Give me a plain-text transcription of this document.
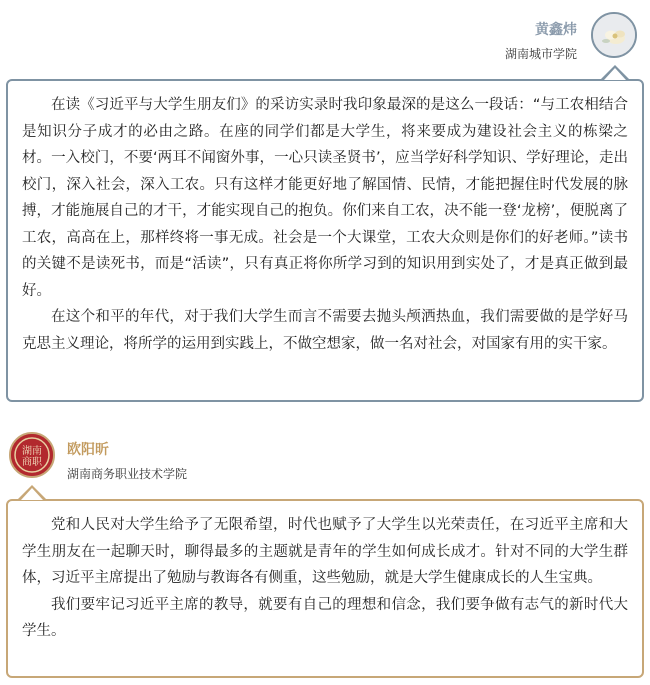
黄鑫炜
湖南城市学院

在读《习近平与大学生朋友们》的采访实录时我印象最深的是这么一段话：“与工农相结合是知识分子成才的必由之路。在座的同学们都是大学生，将来要成为建设社会主义的栋梁之材。一入校门，不要‘两耳不闻窗外事，一心只读圣贤书’，应当学好科学知识、学好理论，走出校门，深入社会，深入工农。只有这样才能更好地了解国情、民情，才能把握住时代发展的脉搏，才能施展自己的才干，才能实现自己的抱负。你们来自工农，决不能一登‘龙榜’，便脱离了工农，高高在上，那样终将一事无成。社会是一个大课堂，工农大众则是你们的好老师。”读书的关键不是读死书，而是“活读”，只有真正将你所学习到的知识用到实处了，才是真正做到最好。

在这个和平的年代，对于我们大学生而言不需要去抛头颅洒热血，我们需要做的是学好马克思主义理论，将所学的运用到实践上，不做空想家，做一名对社会，对国家有用的实干家。

湖南
商职
欧阳昕
湖南商务职业技术学院

党和人民对大学生给予了无限希望，时代也赋予了大学生以光荣责任，在习近平主席和大学生朋友在一起聊天时，聊得最多的主题就是青年的学生如何成长成才。针对不同的大学生群体，习近平主席提出了勉励与教诲各有侧重，这些勉励，就是大学生健康成长的人生宝典。

我们要牢记习近平主席的教导，就要有自己的理想和信念，我们要争做有志气的新时代大学生。
